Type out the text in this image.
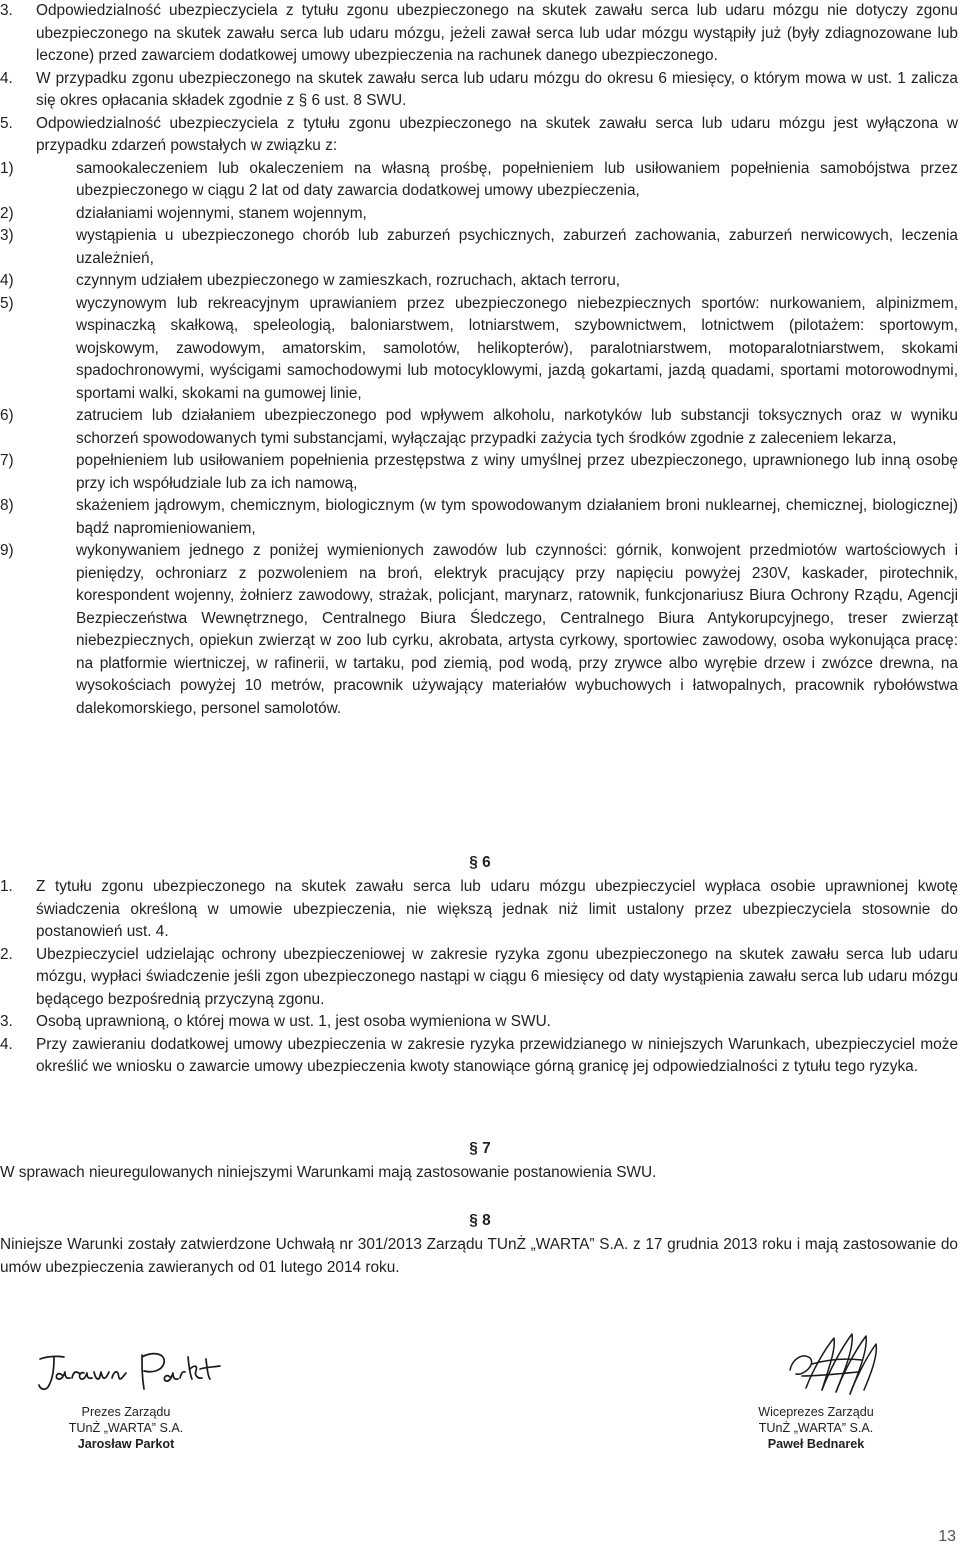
3. Odpowiedzialność ubezpieczyciela z tytułu zgonu ubezpieczonego na skutek zawału serca lub udaru mózgu nie dotyczy zgonu ubezpieczonego na skutek zawału serca lub udaru mózgu, jeżeli zawał serca lub udar mózgu wystąpiły już (były zdiagnozowane lub leczone) przed zawarciem dodatkowej umowy ubezpieczenia na rachunek danego ubezpieczonego.
4. W przypadku zgonu ubezpieczonego na skutek zawału serca lub udaru mózgu do okresu 6 miesięcy, o którym mowa w ust. 1 zalicza się okres opłacania składek zgodnie z § 6 ust. 8 SWU.
5. Odpowiedzialność ubezpieczyciela z tytułu zgonu ubezpieczonego na skutek zawału serca lub udaru mózgu jest wyłączona w przypadku zdarzeń powstałych w związku z:
1)	samookaleczeniem lub okaleczeniem na własną prośbę, popełnieniem lub usiłowaniem popełnienia samobójstwa przez ubezpieczonego w ciągu 2 lat od daty zawarcia dodatkowej umowy ubezpieczenia,
2)	działaniami wojennymi, stanem wojennym,
3)	wystąpienia u ubezpieczonego chorób lub zaburzeń psychicznych, zaburzeń zachowania, zaburzeń nerwicowych, leczenia uzależnień,
4)	czynnym udziałem ubezpieczonego w zamieszkach, rozruchach, aktach terroru,
5)	wyczynowym lub rekreacyjnym uprawianiem przez ubezpieczonego niebezpiecznych sportów: nurkowaniem, alpinizmem, wspinaczką skałkową, speleologią, baloniarstwem, lotniarstwem, szybownictwem, lotnictwem (pilotażem: sportowym, wojskowym, zawodowym, amatorskim, samolotów, helikopterów), paralotniarstwem, motoparalotniarstwem, skokami spadochronowymi, wyścigami samochodowymi lub motocyklowymi, jazdą gokartami, jazdą quadami, sportami motorowodnymi, sportami walki, skokami na gumowej linie,
6)	zatruciem lub działaniem ubezpieczonego pod wpływem alkoholu, narkotyków lub substancji toksycznych oraz w wyniku schorzeń spowodowanych tymi substancjami, wyłączając przypadki zażycia tych środków zgodnie z zaleceniem lekarza,
7)	popełnieniem lub usiłowaniem popełnienia przestępstwa z winy umyślnej przez ubezpieczonego, uprawnionego lub inną osobę przy ich współudziale lub za ich namową,
8)	skażeniem jądrowym, chemicznym, biologicznym (w tym spowodowanym działaniem broni nuklearnej, chemicznej, biologicznej) bądź napromieniowaniem,
9)	wykonywaniem jednego z poniżej wymienionych zawodów lub czynności: górnik, konwojent przedmiotów wartościowych i pieniędzy, ochroniarz z pozwoleniem na broń, elektryk pracujący przy napięciu powyżej 230V, kaskader, pirotechnik, korespondent wojenny, żołnierz zawodowy, strażak, policjant, marynarz, ratownik, funkcjonariusz Biura Ochrony Rządu, Agencji Bezpieczeństwa Wewnętrznego, Centralnego Biura Śledczego, Centralnego Biura Antykorupcyjnego, treser zwierząt niebezpiecznych, opiekun zwierząt w zoo lub cyrku, akrobata, artysta cyrkowy, sportowiec zawodowy, osoba wykonująca pracę: na platformie wiertniczej, w rafinerii, w tartaku, pod ziemią, pod wodą, przy zrywce albo wyrębie drzew i zwózce drewna, na wysokościach powyżej 10 metrów, pracownik używający materiałów wybuchowych i łatwopalnych, pracownik rybołówstwa dalekomorskiego, personel samolotów.
§ 6
1. Z tytułu zgonu ubezpieczonego na skutek zawału serca lub udaru mózgu ubezpieczyciel wypłaca osobie uprawnionej kwotę świadczenia określoną w umowie ubezpieczenia, nie większą jednak niż limit ustalony przez ubezpieczyciela stosownie do postanowień ust. 4.
2. Ubezpieczyciel udzielając ochrony ubezpieczeniowej w zakresie ryzyka zgonu ubezpieczonego na skutek zawału serca lub udaru mózgu, wypłaci świadczenie jeśli zgon ubezpieczonego nastąpi w ciągu 6 miesięcy od daty wystąpienia zawału serca lub udaru mózgu będącego bezpośrednią przyczyną zgonu.
3. Osobą uprawnioną, o której mowa w ust. 1, jest osoba wymieniona w SWU.
4. Przy zawieraniu dodatkowej umowy ubezpieczenia w zakresie ryzyka przewidzianego w niniejszych Warunkach, ubezpieczyciel może określić we wniosku o zawarcie umowy ubezpieczenia kwoty stanowiące górną granicę jej odpowiedzialności z tytułu tego ryzyka.
§ 7
W sprawach nieuregulowanych niniejszymi Warunkami mają zastosowanie postanowienia SWU.
§ 8
Niniejsze Warunki zostały zatwierdzone Uchwałą nr 301/2013 Zarządu TUnŻ „WARTA” S.A. z 17 grudnia 2013 roku i mają zastosowanie do umów ubezpieczenia zawieranych od 01 lutego 2014 roku.
Prezes Zarządu
TUnŻ „WARTA” S.A.
Jarosław Parkot
Wiceprezes Zarządu
TUnŻ „WARTA” S.A.
Paweł Bednarek
13
